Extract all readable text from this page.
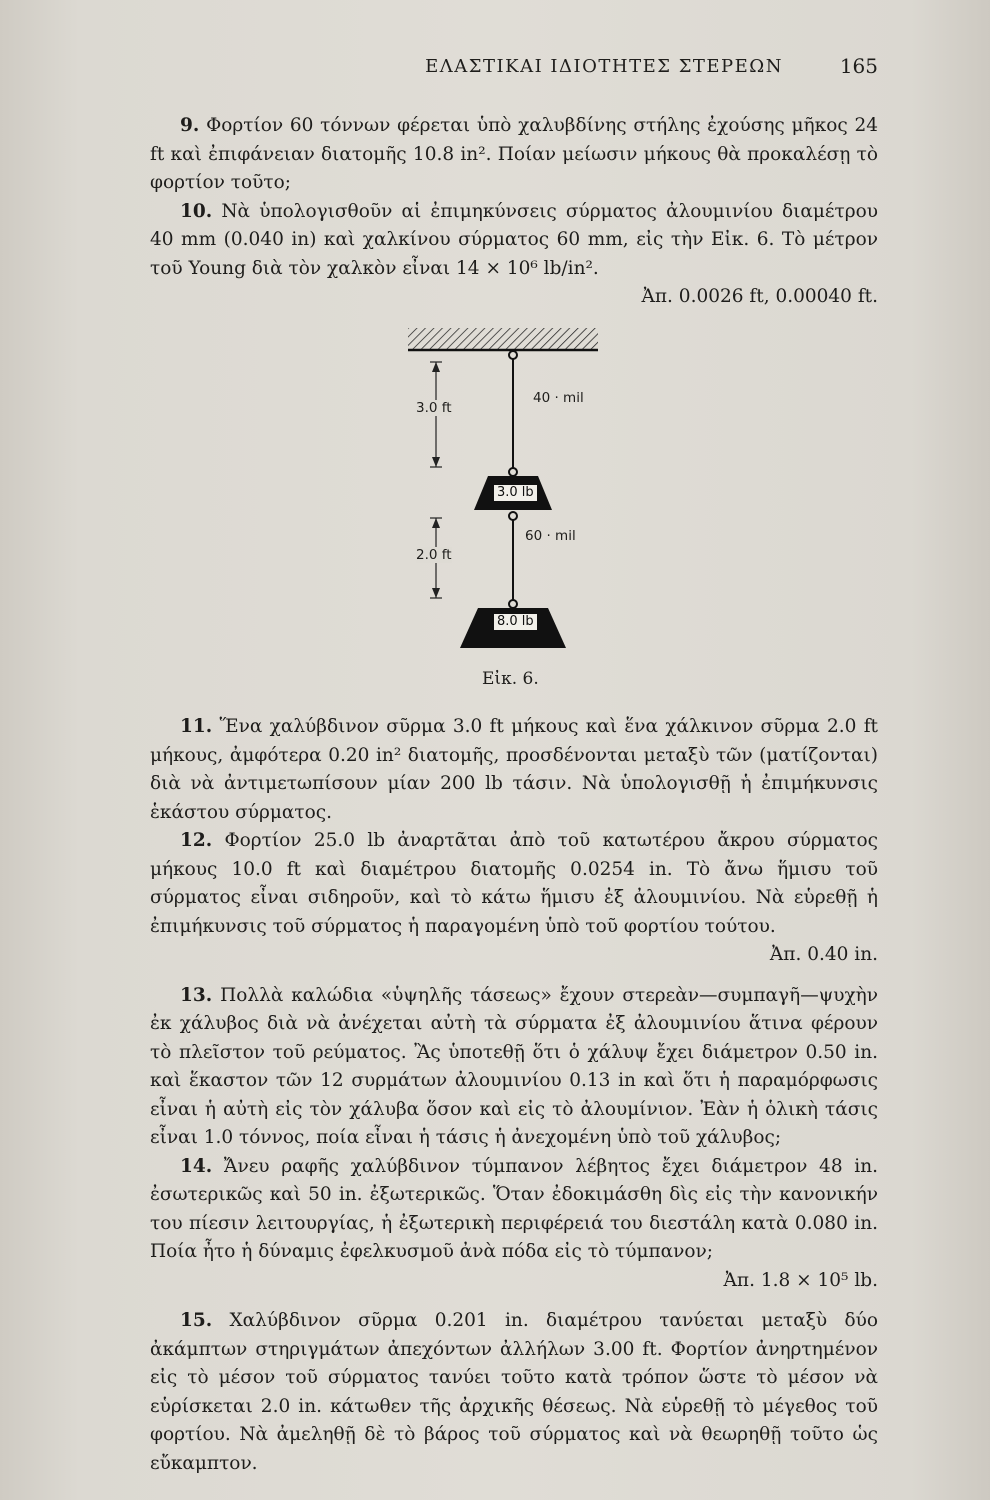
ΕΛΑΣΤΙΚΑΙ ΙΔΙΟΤΗΤΕΣ ΣΤΕΡΕΩΝ	165

9. Φορτίον 60 τόννων φέρεται ὑπὸ χαλυβδίνης στήλης ἐχούσης μῆκος 24 ft καὶ ἐπιφάνειαν διατομῆς 10.8 in². Ποίαν μείωσιν μήκους θὰ προκαλέσῃ τὸ φορτίον τοῦτο;

10. Νὰ ὑπολογισθοῦν αἱ ἐπιμηκύνσεις σύρματος ἀλουμινίου διαμέτρου 40 mm (0.040 in) καὶ χαλκίνου σύρματος 60 mm, εἰς τὴν Εἰκ. 6. Τὸ μέτρον τοῦ Young διὰ τὸν χαλκὸν εἶναι 14 × 10⁶ lb/in².

Ἀπ. 0.0026 ft, 0.00040 ft.

3.0 ft
40 · mil
3.0 lb
2.0 ft
60 · mil
8.0 lb
Εἰκ. 6.

11. Ἕνα χαλύβδινον σῦρμα 3.0 ft μήκους καὶ ἕνα χάλκινον σῦρμα 2.0 ft μήκους, ἀμφότερα 0.20 in² διατομῆς, προσδένονται μεταξὺ τῶν (ματίζονται) διὰ νὰ ἀντιμετωπίσουν μίαν 200 lb τάσιν. Νὰ ὑπολογισθῇ ἡ ἐπιμήκυνσις ἑκάστου σύρματος.

12. Φορτίον 25.0 lb ἀναρτᾶται ἀπὸ τοῦ κατωτέρου ἄκρου σύρματος μήκους 10.0 ft καὶ διαμέτρου διατομῆς 0.0254 in. Τὸ ἄνω ἥμισυ τοῦ σύρματος εἶναι σιδηροῦν, καὶ τὸ κάτω ἥμισυ ἐξ ἀλουμινίου. Νὰ εὑρεθῇ ἡ ἐπιμήκυνσις τοῦ σύρματος ἡ παραγομένη ὑπὸ τοῦ φορτίου τούτου.

Ἀπ. 0.40 in.

13. Πολλὰ καλώδια «ὑψηλῆς τάσεως» ἔχουν στερεὰν—συμπαγῆ—ψυχὴν ἐκ χάλυβος διὰ νὰ ἀνέχεται αὐτὴ τὰ σύρματα ἐξ ἀλουμινίου ἅτινα φέρουν τὸ πλεῖστον τοῦ ρεύματος. Ἂς ὑποτεθῇ ὅτι ὁ χάλυψ ἔχει διάμετρον 0.50 in. καὶ ἕκαστον τῶν 12 συρμάτων ἀλουμινίου 0.13 in καὶ ὅτι ἡ παραμόρφωσις εἶναι ἡ αὐτὴ εἰς τὸν χάλυβα ὅσον καὶ εἰς τὸ ἀλουμίνιον. Ἐὰν ἡ ὁλικὴ τάσις εἶναι 1.0 τόννος, ποία εἶναι ἡ τάσις ἡ ἀνεχομένη ὑπὸ τοῦ χάλυβος;

14. Ἄνευ ραφῆς χαλύβδινον τύμπανον λέβητος ἔχει διάμετρον 48 in. ἐσωτερικῶς καὶ 50 in. ἐξωτερικῶς. Ὅταν ἐδοκιμάσθη δὶς εἰς τὴν κανονικήν του πίεσιν λειτουργίας, ἡ ἐξωτερικὴ περιφέρειά του διεστάλη κατὰ 0.080 in. Ποία ἦτο ἡ δύναμις ἐφελκυσμοῦ ἀνὰ πόδα εἰς τὸ τύμπανον;

Ἀπ. 1.8 × 10⁵ lb.

15. Χαλύβδινον σῦρμα 0.201 in. διαμέτρου τανύεται μεταξὺ δύο ἀκάμπτων στηριγμάτων ἀπεχόντων ἀλλήλων 3.00 ft. Φορτίον ἀνηρτημένον εἰς τὸ μέσον τοῦ σύρματος τανύει τοῦτο κατὰ τρόπον ὥστε τὸ μέσον νὰ εὑρίσκεται 2.0 in. κάτωθεν τῆς ἀρχικῆς θέσεως. Νὰ εὑρεθῇ τὸ μέγεθος τοῦ φορτίου. Νὰ ἀμεληθῇ δὲ τὸ βάρος τοῦ σύρματος καὶ νὰ θεωρηθῇ τοῦτο ὡς εὔκαμπτον.
